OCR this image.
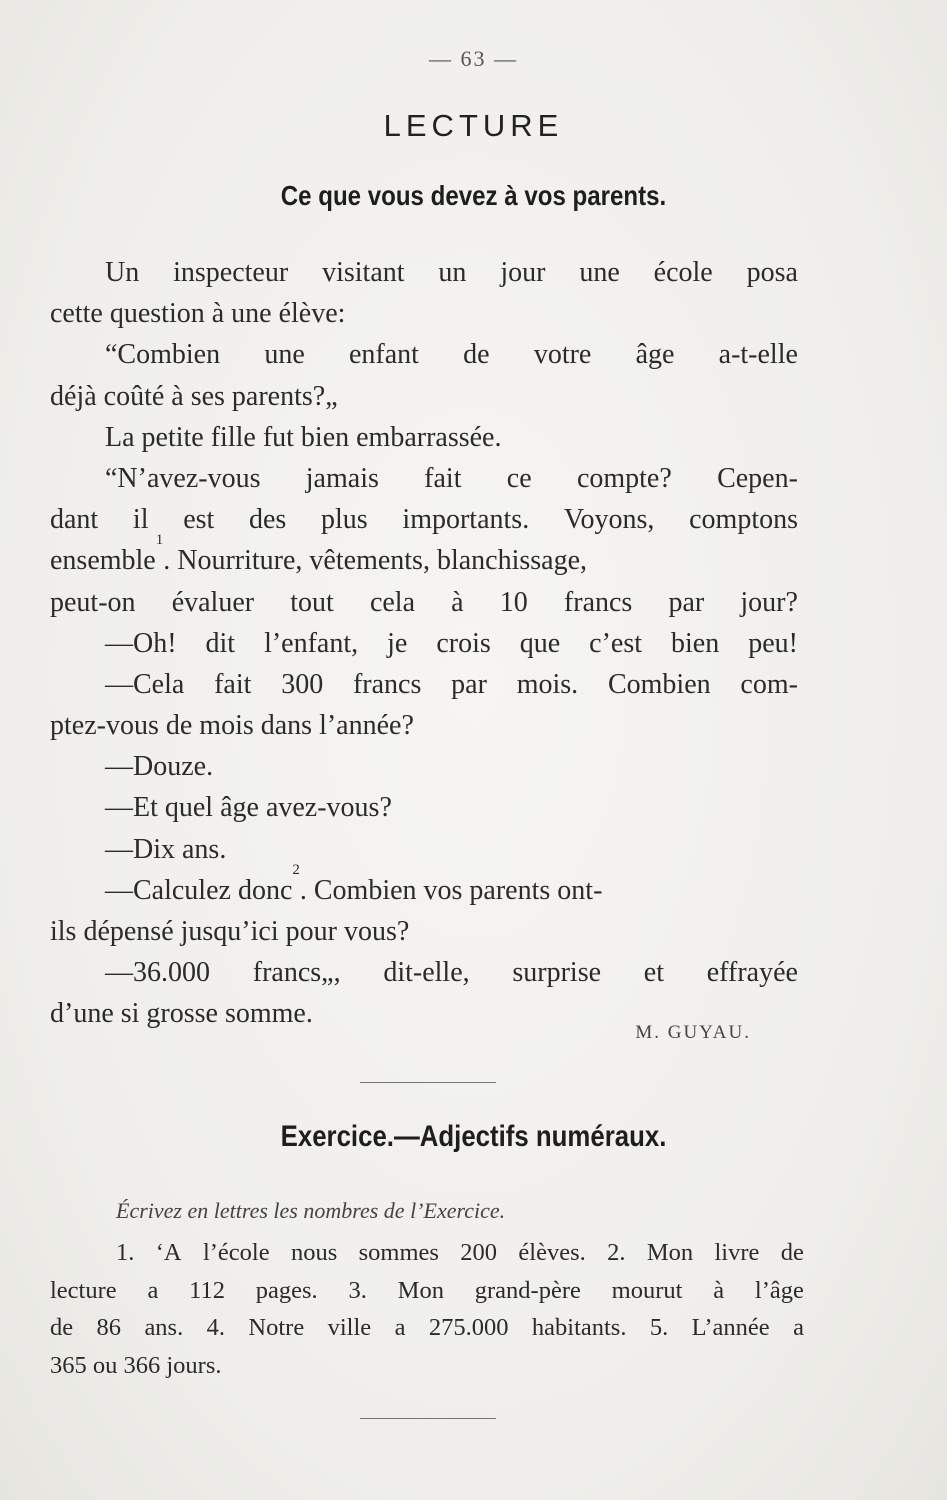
— 63 —
LECTURE
Ce que vous devez à vos parents.
Un inspecteur visitant un jour une école posa
cette question à une élève:
“Combien une enfant de votre âge a-t-elle
déjà coûté à ses parents?„
La petite fille fut bien embarrassée.
“N’avez-vous jamais fait ce compte? Cepen-
dant il est des plus importants. Voyons, comptons
ensemble
1
. Nourriture, vêtements, blanchissage,
peut-on évaluer tout cela à 10 francs par jour?
—Oh! dit l’enfant, je crois que c’est bien peu!
—Cela fait 300 francs par mois. Combien com-
ptez-vous de mois dans l’année?
—Douze.
—Et quel âge avez-vous?
—Dix ans.
—Calculez donc
2
. Combien vos parents ont-
ils dépensé jusqu’ici pour vous?
—36.000 francs„, dit-elle, surprise et effrayée
d’une si grosse somme.
M. GUYAU.
Exercice.—Adjectifs numéraux.
Écrivez en lettres les nombres de l’Exercice.
1. ‘A l’école nous sommes 200 élèves. 2. Mon livre de
lecture a 112 pages. 3. Mon grand-père mourut à l’âge
de 86 ans. 4. Notre ville a 275.000 habitants. 5. L’année a
365 ou 366 jours.
